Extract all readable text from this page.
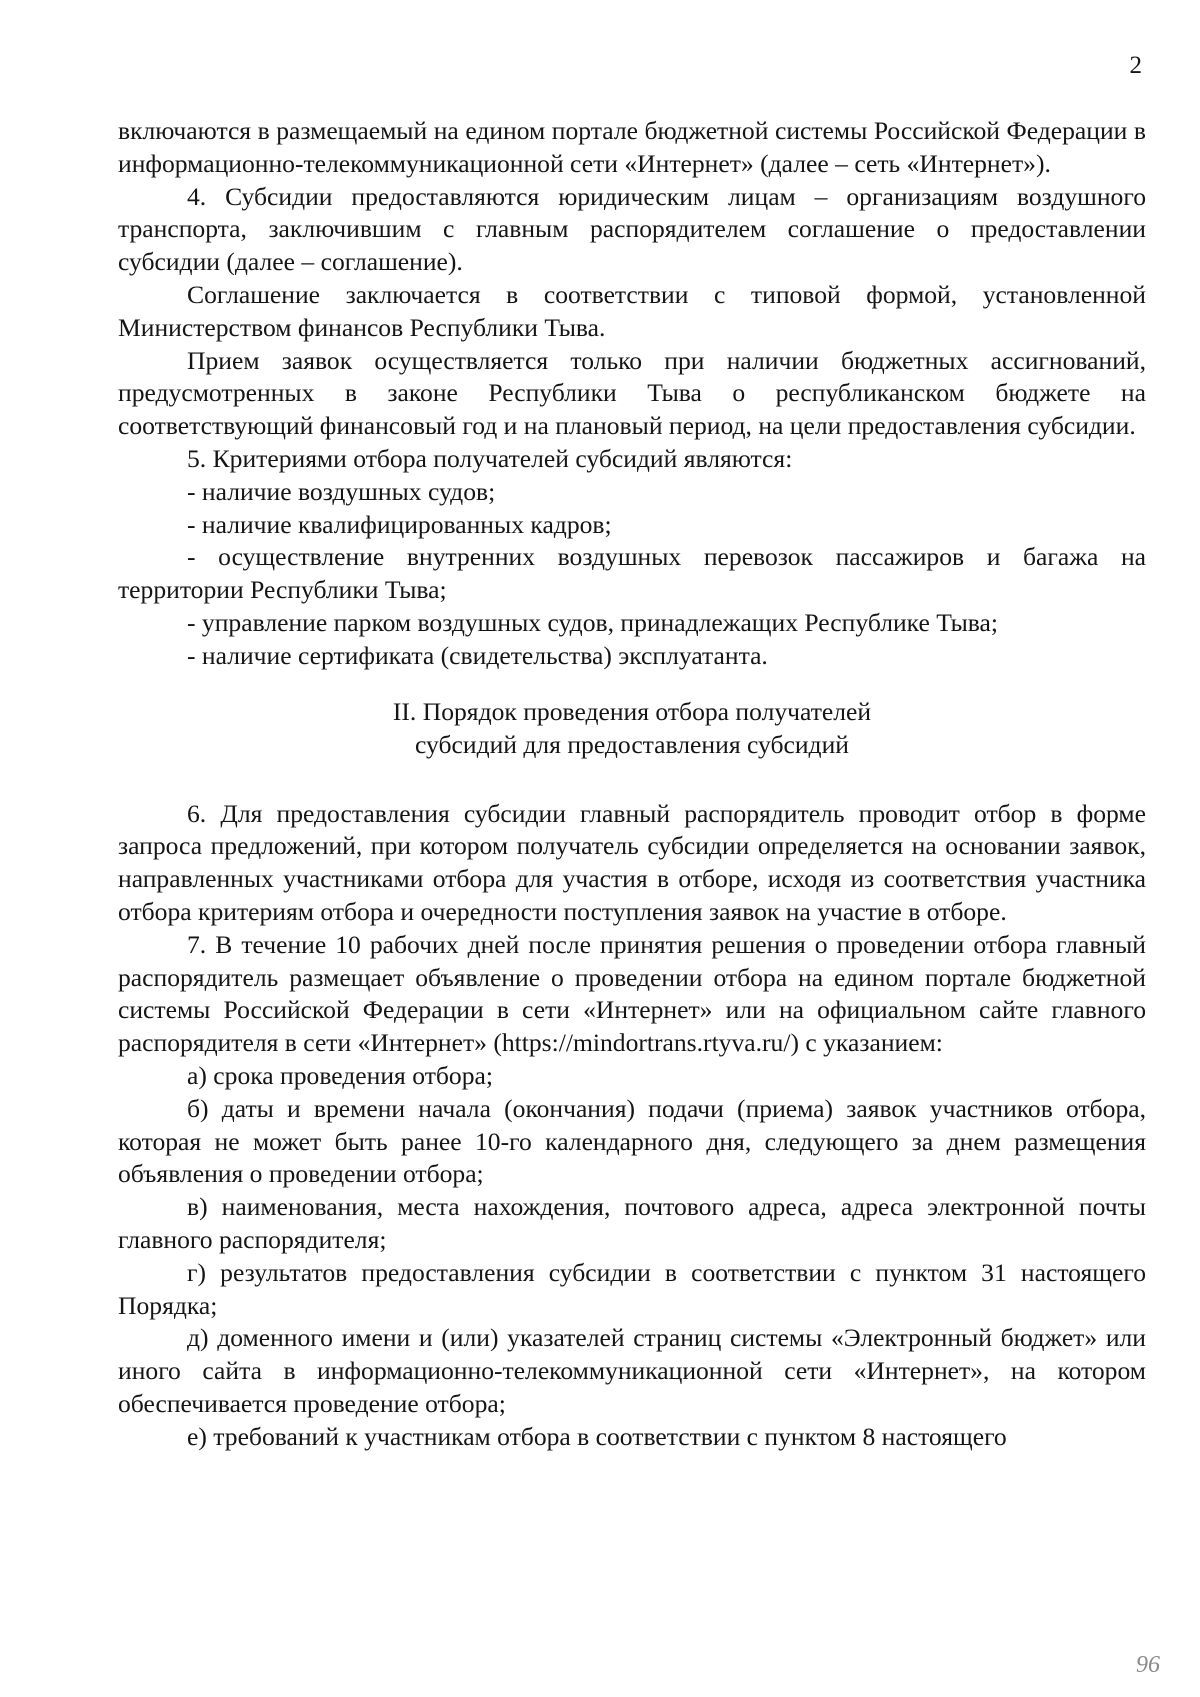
2

включаются в размещаемый на едином портале бюджетной системы Российской Федерации в информационно-телекоммуникационной сети «Интернет» (далее – сеть «Интернет»).

4. Субсидии предоставляются юридическим лицам – организациям воздушного транспорта, заключившим с главным распорядителем соглашение о предоставлении субсидии (далее – соглашение).

Соглашение заключается в соответствии с типовой формой, установленной Министерством финансов Республики Тыва.

Прием заявок осуществляется только при наличии бюджетных ассигнований, предусмотренных в законе Республики Тыва о республиканском бюджете на соответствующий финансовый год и на плановый период, на цели предоставления субсидии.

5. Критериями отбора получателей субсидий являются:

- наличие воздушных судов;

- наличие квалифицированных кадров;

- осуществление внутренних воздушных перевозок пассажиров и багажа на территории Республики Тыва;

- управление парком воздушных судов, принадлежащих Республике Тыва;

- наличие сертификата (свидетельства) эксплуатанта.

II. Порядок проведения отбора получателей
субсидий для предоставления субсидий

6. Для предоставления субсидии главный распорядитель проводит отбор в форме запроса предложений, при котором получатель субсидии определяется на основании заявок, направленных участниками отбора для участия в отборе, исходя из соответствия участника отбора критериям отбора и очередности поступления заявок на участие в отборе.

7. В течение 10 рабочих дней после принятия решения о проведении отбора главный распорядитель размещает объявление о проведении отбора на едином портале бюджетной системы Российской Федерации в сети «Интернет» или на официальном сайте главного распорядителя в сети «Интернет» (https://mindortrans.rtyva.ru/) с указанием:

а) срока проведения отбора;

б) даты и времени начала (окончания) подачи (приема) заявок участников отбора, которая не может быть ранее 10-го календарного дня, следующего за днем размещения объявления о проведении отбора;

в) наименования, места нахождения, почтового адреса, адреса электронной почты главного распорядителя;

г) результатов предоставления субсидии в соответствии с пунктом 31 настоящего Порядка;

д) доменного имени и (или) указателей страниц системы «Электронный бюджет» или иного сайта в информационно-телекоммуникационной сети «Интернет», на котором обеспечивается проведение отбора;

е) требований к участникам отбора в соответствии с пунктом 8 настоящего

96
